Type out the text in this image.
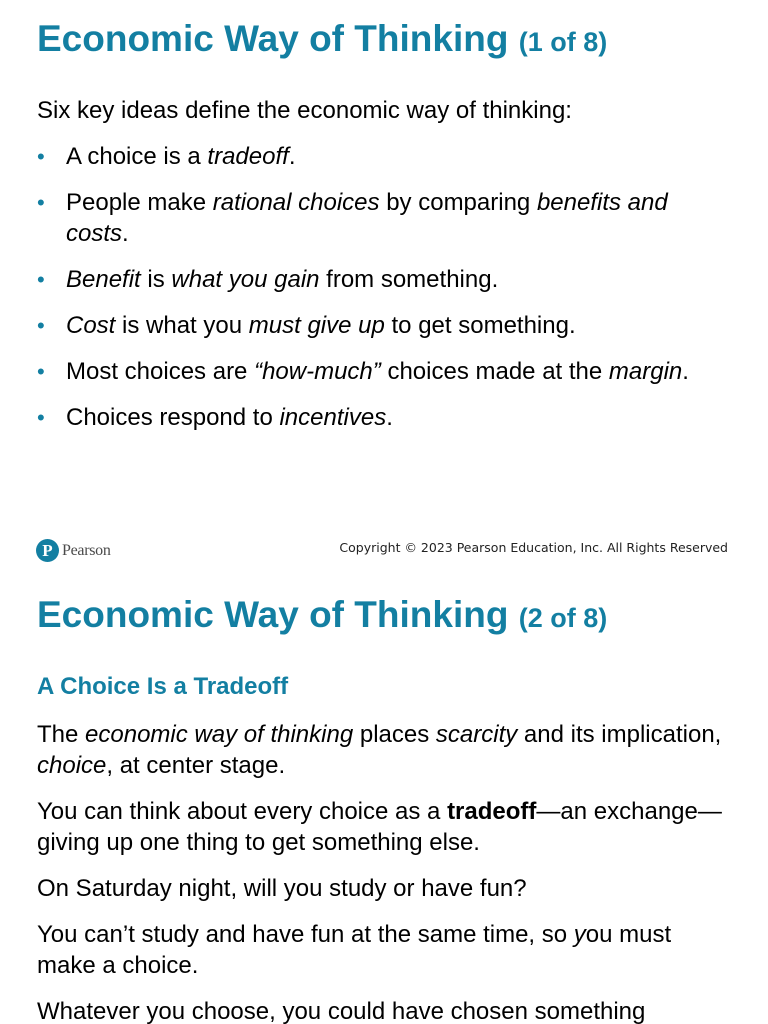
Economic Way of Thinking (1 of 8)

Six key ideas define the economic way of thinking:

• A choice is a tradeoff.
• People make rational choices by comparing benefits and costs.
• Benefit is what you gain from something.
• Cost is what you must give up to get something.
• Most choices are “how-much” choices made at the margin.
• Choices respond to incentives.
P Pearson	Copyright © 2023 Pearson Education, Inc. All Rights Reserved
Economic Way of Thinking (2 of 8)
A Choice Is a Tradeoff

The economic way of thinking places scarcity and its implication, choice, at center stage.

You can think about every choice as a tradeoff—an exchange—giving up one thing to get something else.

On Saturday night, will you study or have fun?

You can’t study and have fun at the same time, so you must make a choice.

Whatever you choose, you could have chosen something
